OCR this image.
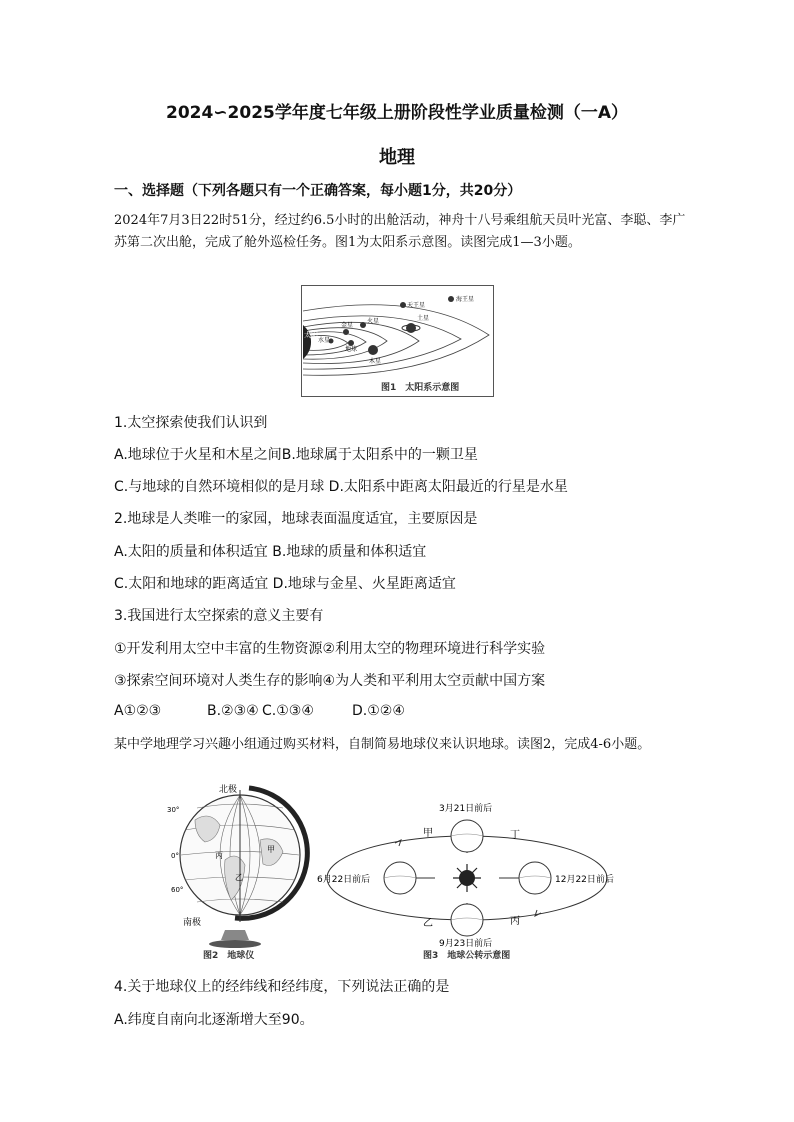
2024∽2025学年度七年级上册阶段性学业质量检测（一A）
地理
一、选择题（下列各题只有一个正确答案，每小题1分，共20分）
2024年7月3日22时51分，经过约6.5小时的出舱活动，神舟十八号乘组航天员叶光富、李聪、李广苏第二次出舱，完成了舱外巡检任务。图1为太阳系示意图。读图完成1—3小题。
太阳
水星
金星
地球
火星
木星
土星
天王星
海王星
图1　太阳系示意图
1.太空探索使我们认识到
A.地球位于火星和木星之间B.地球属于太阳系中的一颗卫星
C.与地球的自然环境相似的是月球 D.太阳系中距离太阳最近的行星是水星
2.地球是人类唯一的家园，地球表面温度适宜，主要原因是
A.太阳的质量和体积适宜 B.地球的质量和体积适宜
C.太阳和地球的距离适宜 D.地球与金星、火星距离适宜
3.我国进行太空探索的意义主要有
①开发利用太空中丰富的生物资源②利用太空的物理环境进行科学实验
③探索空间环境对人类生存的影响④为人类和平利用太空贡献中国方案
A①②③	B.②③④ C.①③④	D.①②④
某中学地理学习兴趣小组通过购买材料，自制简易地球仪来认识地球。读图2，完成4-6小题。
北极
南极
丙
甲
乙
30°
60°
0°
图2　地球仪
3月21日前后
6月22日前后	12月22日前后
9月23日前后
甲
乙	丙
丁
图3　地球公转示意图
4.关于地球仪上的经纬线和经纬度，下列说法正确的是
A.纬度自南向北逐渐增大至90。
